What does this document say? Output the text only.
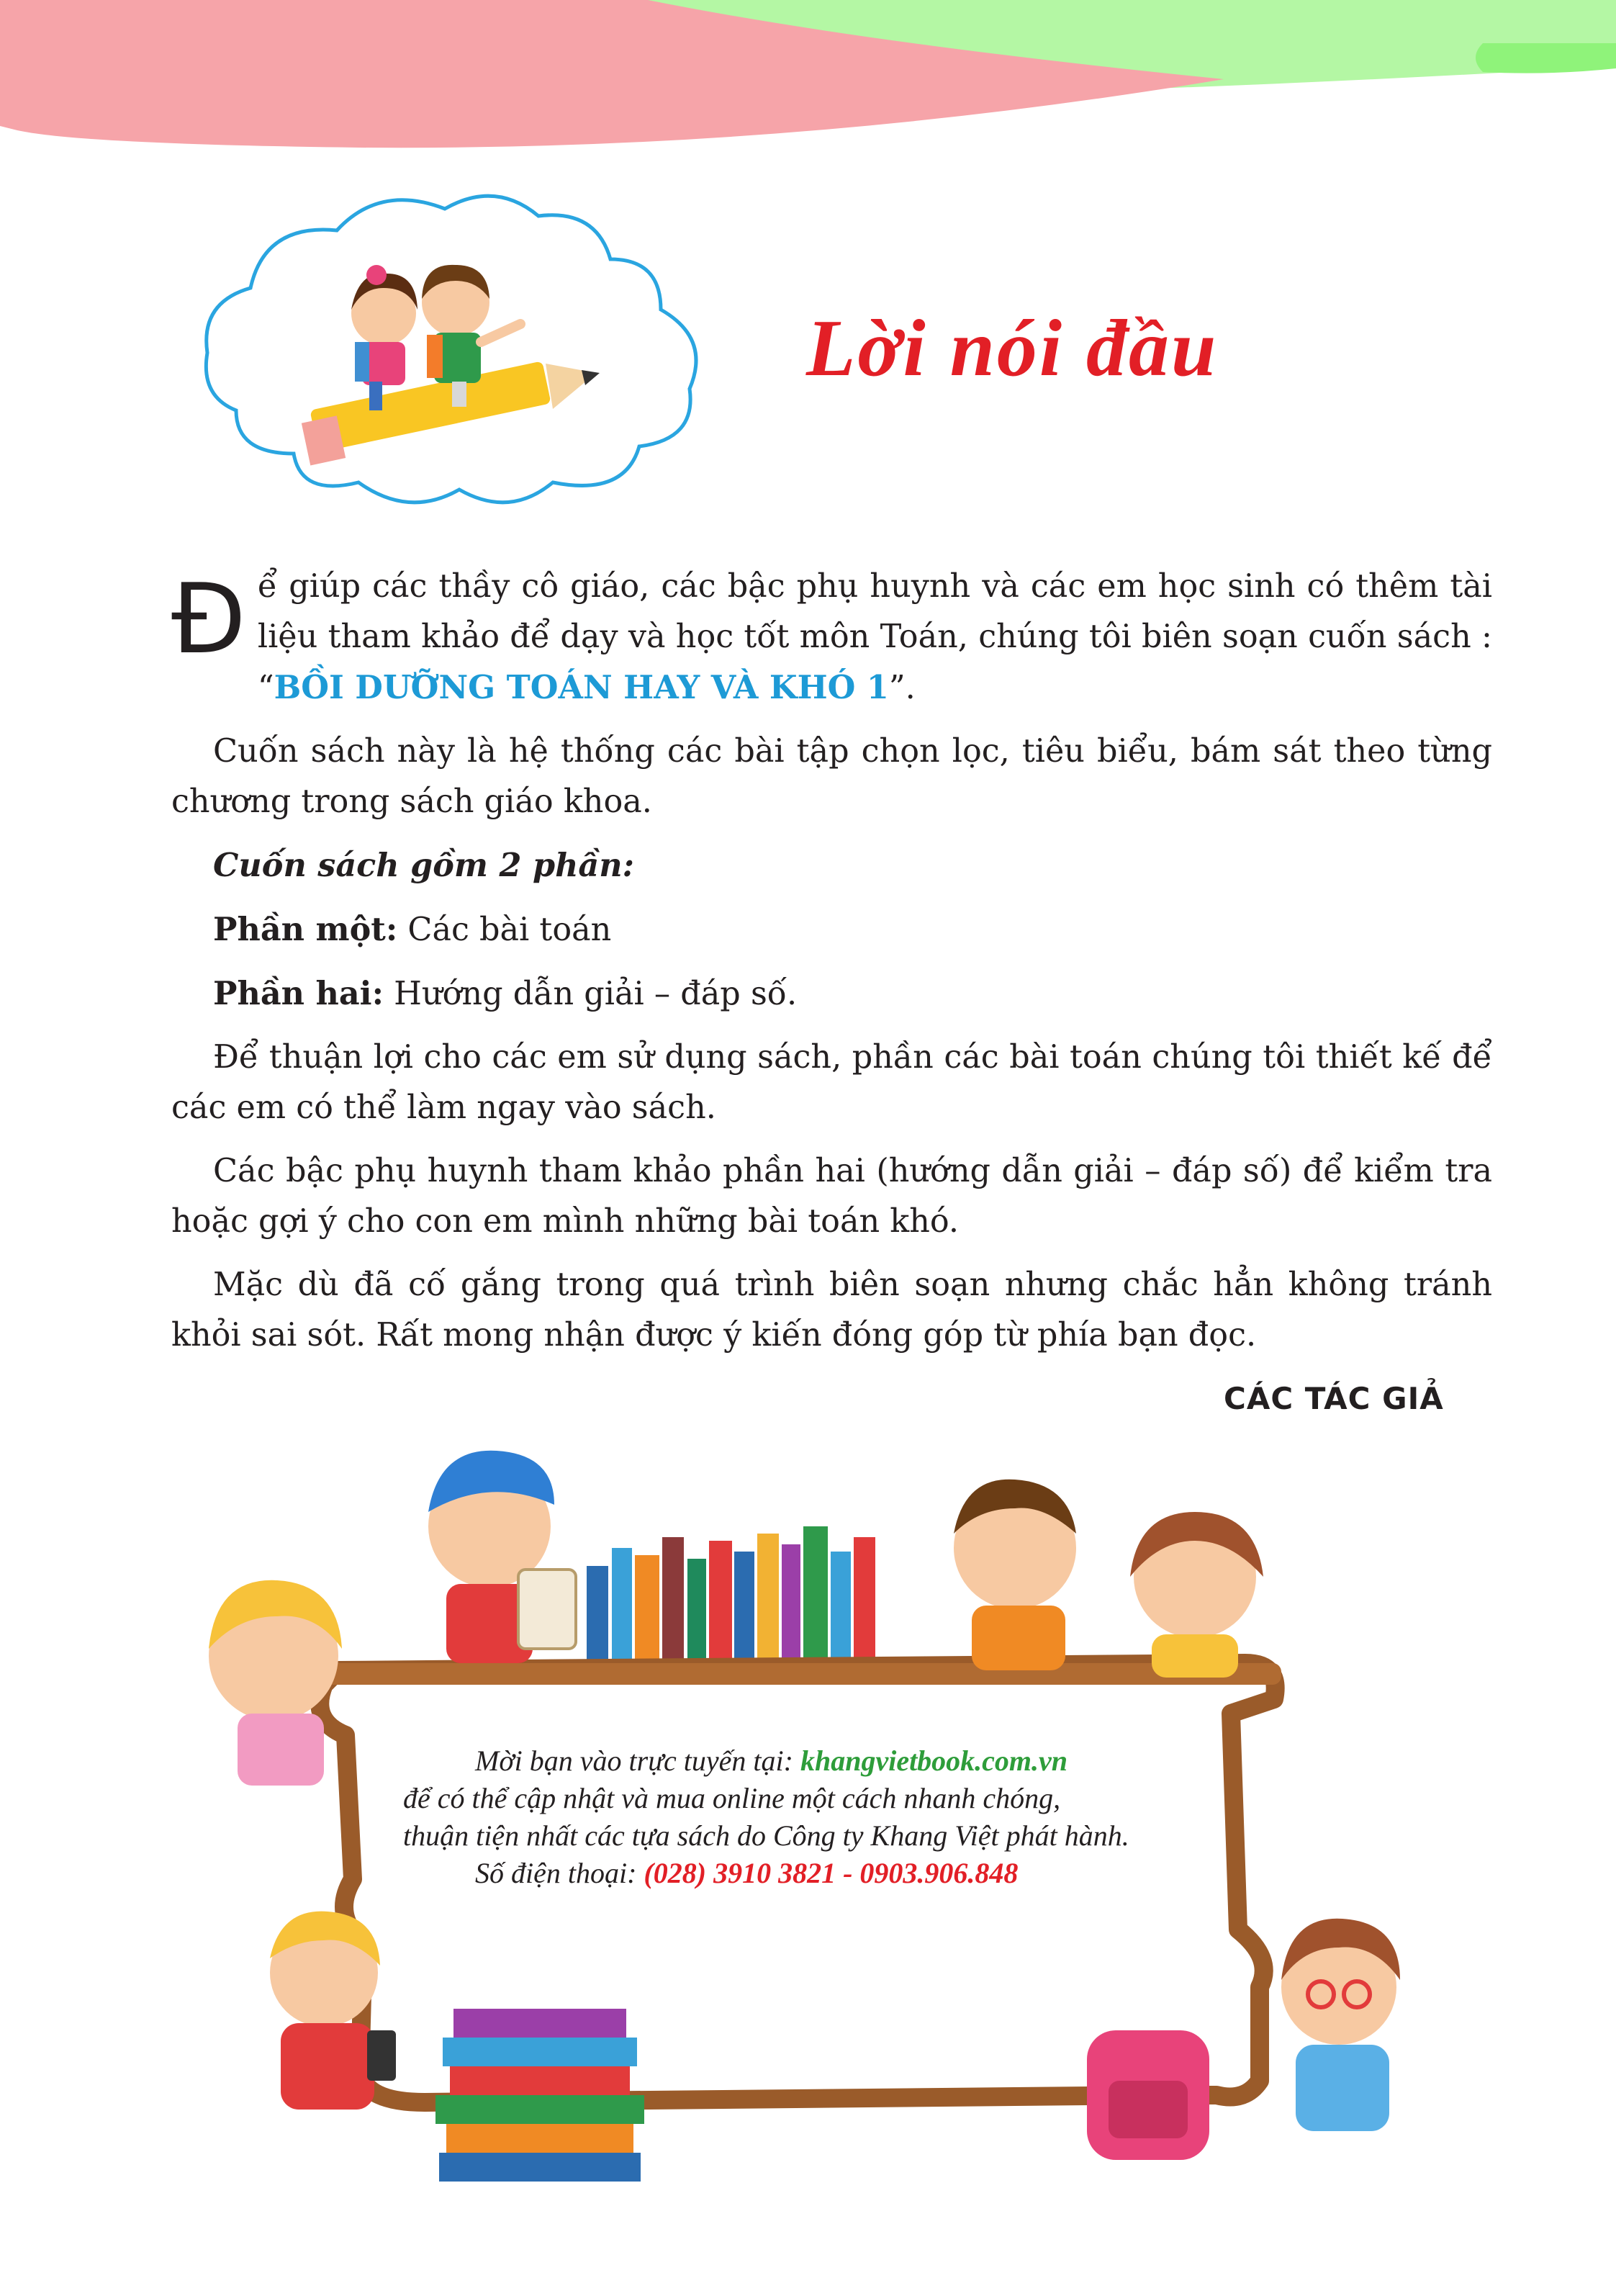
Lời nói đầu

Để giúp các thầy cô giáo, các bậc phụ huynh và các em học sinh có thêm tài liệu tham khảo để dạy và học tốt môn Toán, chúng tôi biên soạn cuốn sách : “BỒI DƯỠNG TOÁN HAY VÀ KHÓ 1”.

Cuốn sách này là hệ thống các bài tập chọn lọc, tiêu biểu, bám sát theo từng chương trong sách giáo khoa.

Cuốn sách gồm 2 phần:

Phần một: Các bài toán

Phần hai: Hướng dẫn giải – đáp số.

Để thuận lợi cho các em sử dụng sách, phần các bài toán chúng tôi thiết kế để các em có thể làm ngay vào sách.

Các bậc phụ huynh tham khảo phần hai (hướng dẫn giải – đáp số) để kiểm tra hoặc gợi ý cho con em mình những bài toán khó.

Mặc dù đã cố gắng trong quá trình biên soạn nhưng chắc hẳn không tránh khỏi sai sót. Rất mong nhận được ý kiến đóng góp từ phía bạn đọc.

CÁC TÁC GIẢ
Mời bạn vào trực tuyến tại: khangvietbook.com.vn
để có thể cập nhật và mua online một cách nhanh chóng,
thuận tiện nhất các tựa sách do Công ty Khang Việt phát hành.
Số điện thoại: (028) 3910 3821 - 0903.906.848
